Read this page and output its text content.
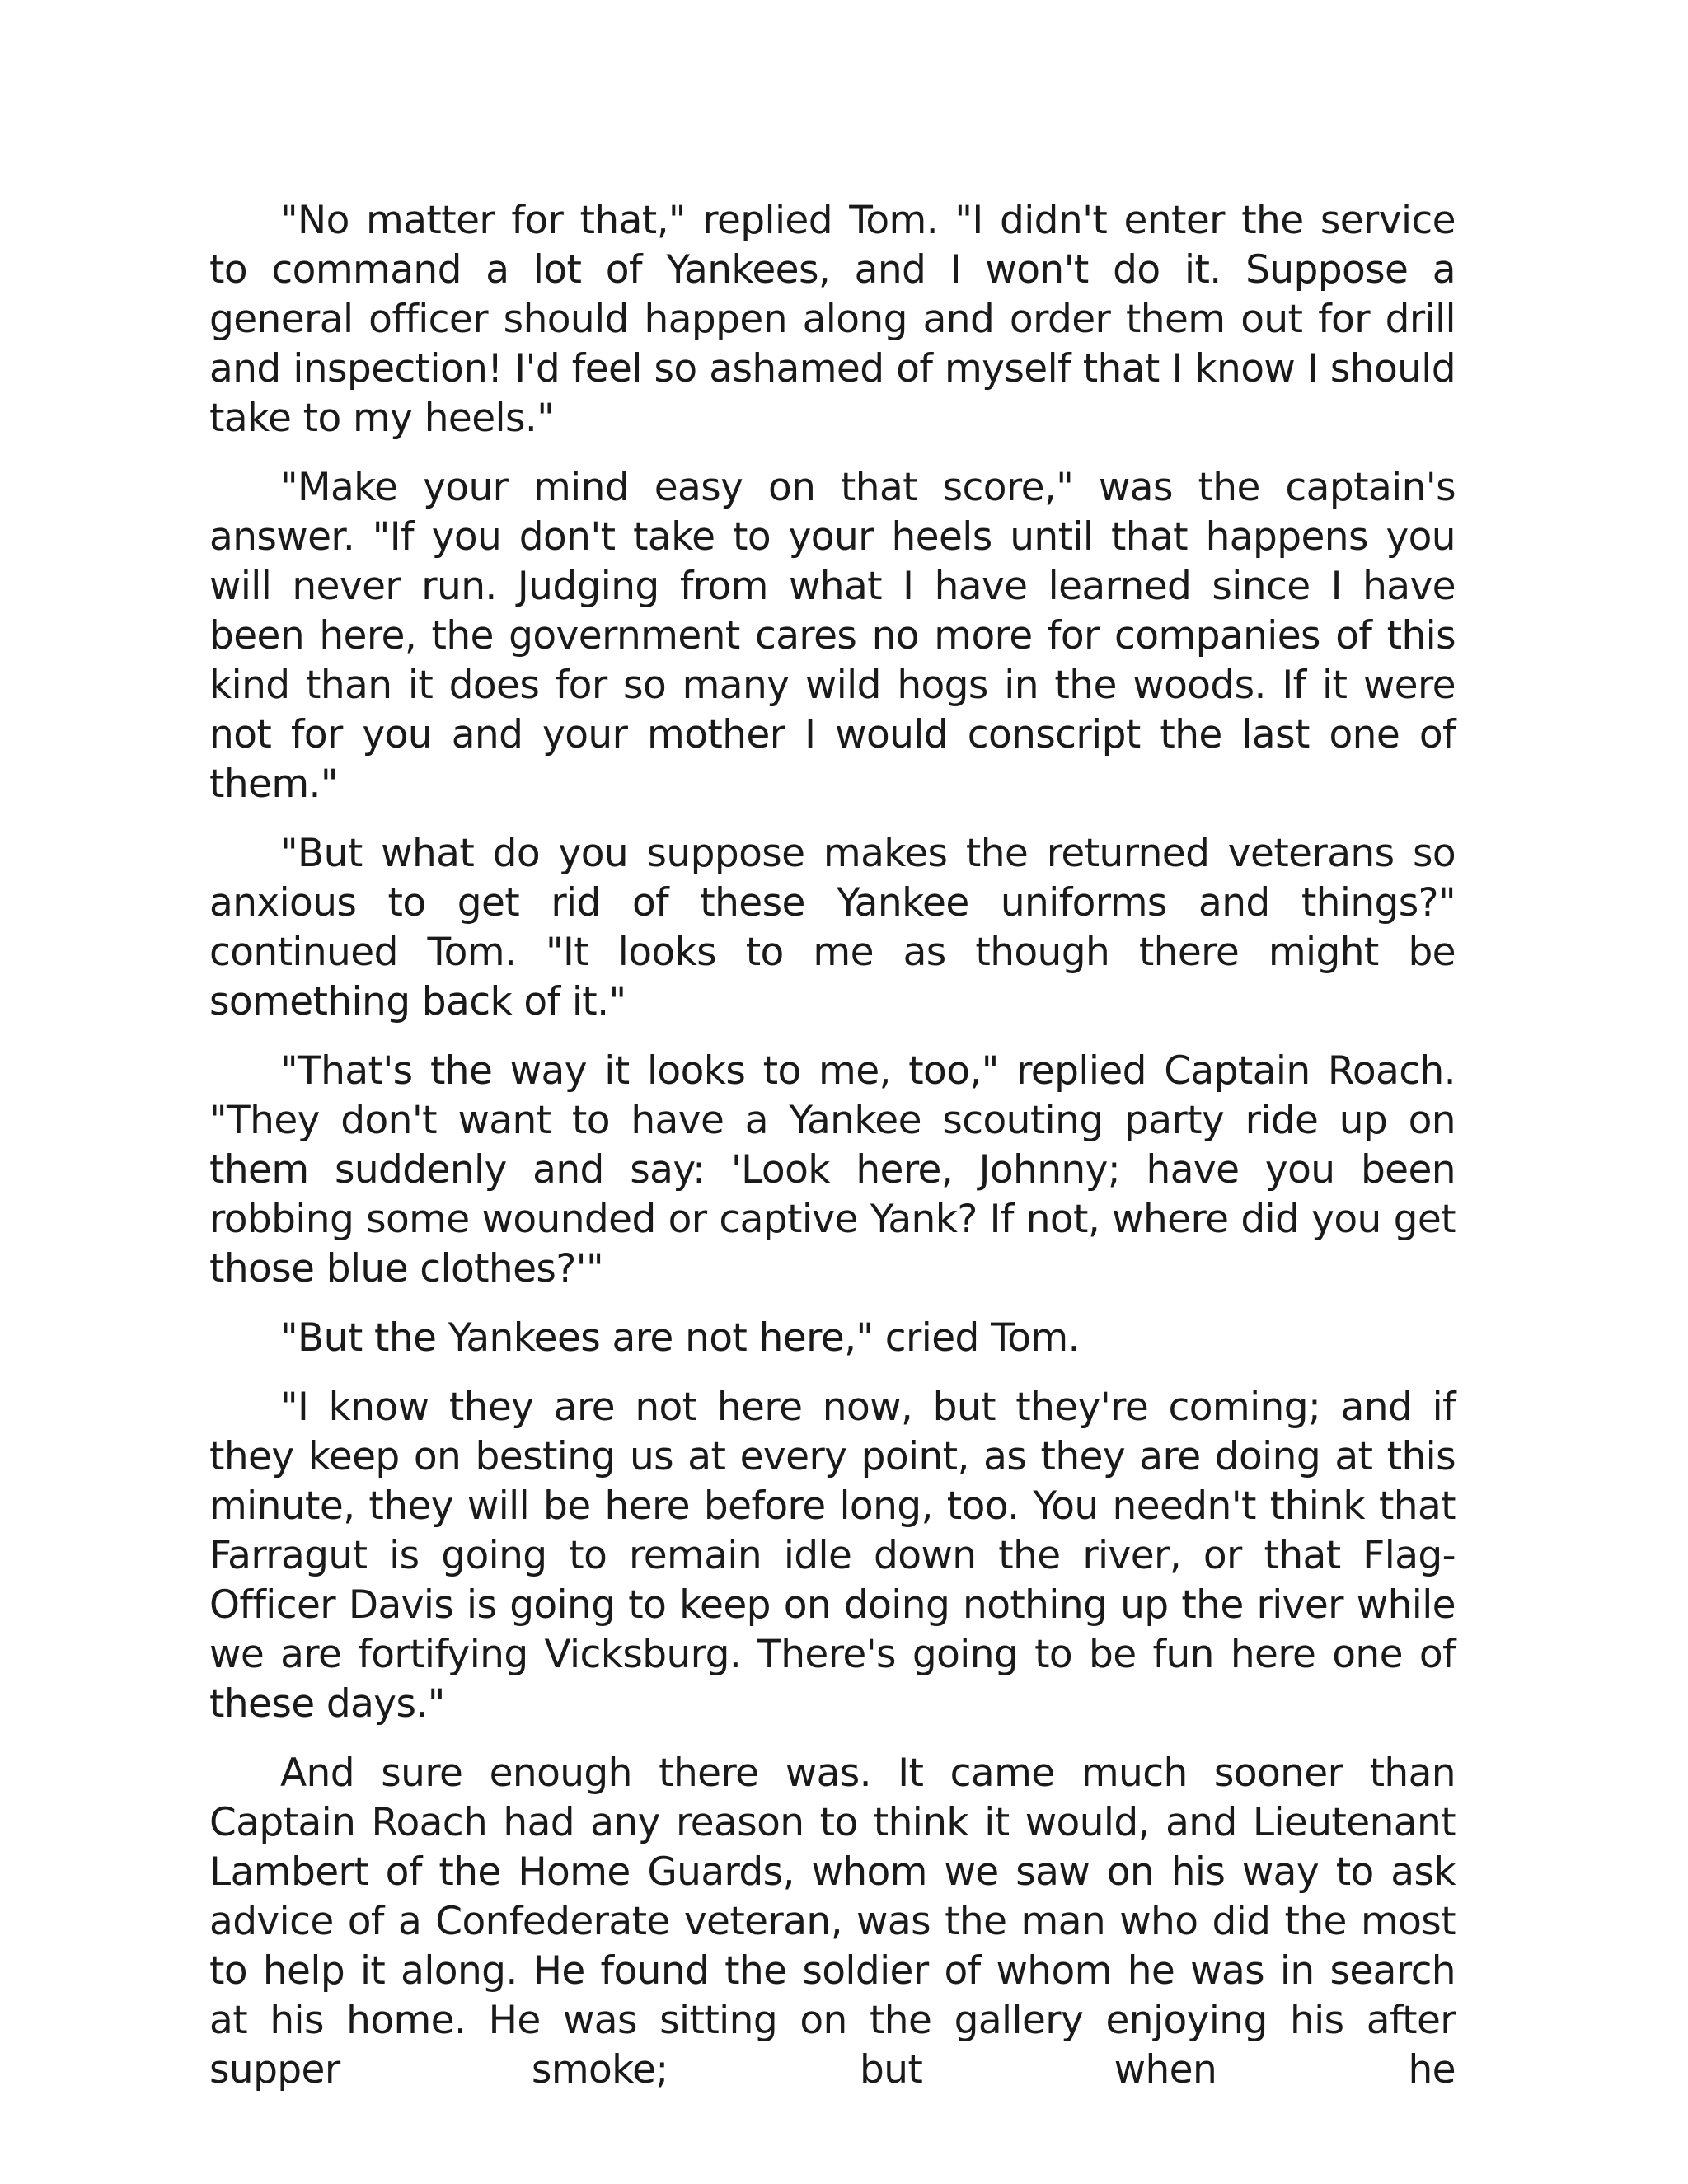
"No matter for that," replied Tom. "I didn't enter the service to command a lot of Yankees, and I won't do it. Suppose a general officer should happen along and order them out for drill and inspection! I'd feel so ashamed of myself that I know I should take to my heels."

"Make your mind easy on that score," was the captain's answer. "If you don't take to your heels until that happens you will never run. Judging from what I have learned since I have been here, the government cares no more for companies of this kind than it does for so many wild hogs in the woods. If it were not for you and your mother I would conscript the last one of them."

"But what do you suppose makes the returned veterans so anxious to get rid of these Yankee uniforms and things?" continued Tom. "It looks to me as though there might be something back of it."

"That's the way it looks to me, too," replied Captain Roach. "They don't want to have a Yankee scouting party ride up on them suddenly and say: 'Look here, Johnny; have you been robbing some wounded or captive Yank? If not, where did you get those blue clothes?'"

"But the Yankees are not here," cried Tom.

"I know they are not here now, but they're coming; and if they keep on besting us at every point, as they are doing at this minute, they will be here before long, too. You needn't think that Farragut is going to remain idle down the river, or that Flag-Officer Davis is going to keep on doing nothing up the river while we are fortifying Vicksburg. There's going to be fun here one of these days."

And sure enough there was. It came much sooner than Captain Roach had any reason to think it would, and Lieutenant Lambert of the Home Guards, whom we saw on his way to ask advice of a Confederate veteran, was the man who did the most to help it along. He found the soldier of whom he was in search at his home. He was sitting on the gallery enjoying his after supper smoke; but when he
